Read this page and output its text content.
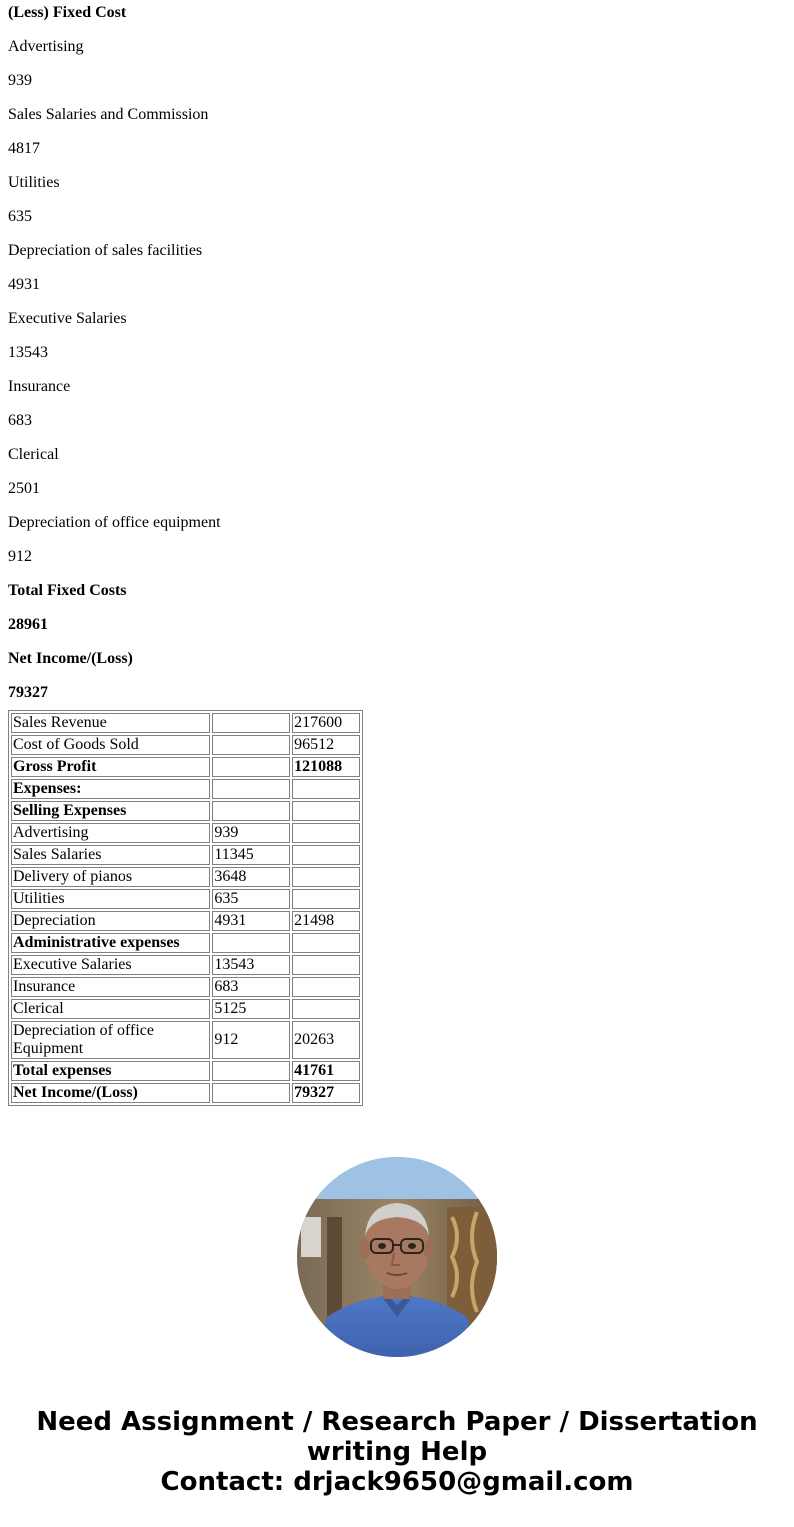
(Less) Fixed Cost

Advertising

939

Sales Salaries and Commission

4817

Utilities

635

Depreciation of sales facilities

4931

Executive Salaries

13543

Insurance

683

Clerical

2501

Depreciation of office equipment

912

Total Fixed Costs

28961

Net Income/(Loss)

79327

Sales Revenue		217600
Cost of Goods Sold		96512
Gross Profit		121088
Expenses:		
Selling Expenses		
Advertising	939	
Sales Salaries	11345	
Delivery of pianos	3648	
Utilities	635	
Depreciation	4931	21498
Administrative expenses		
Executive Salaries	13543	
Insurance	683	
Clerical	5125	
Depreciation of office Equipment	912	20263
Total expenses		41761
Net Income/(Loss)		79327
Need Assignment / Research Paper / Dissertation
writing Help
Contact: drjack9650@gmail.com
